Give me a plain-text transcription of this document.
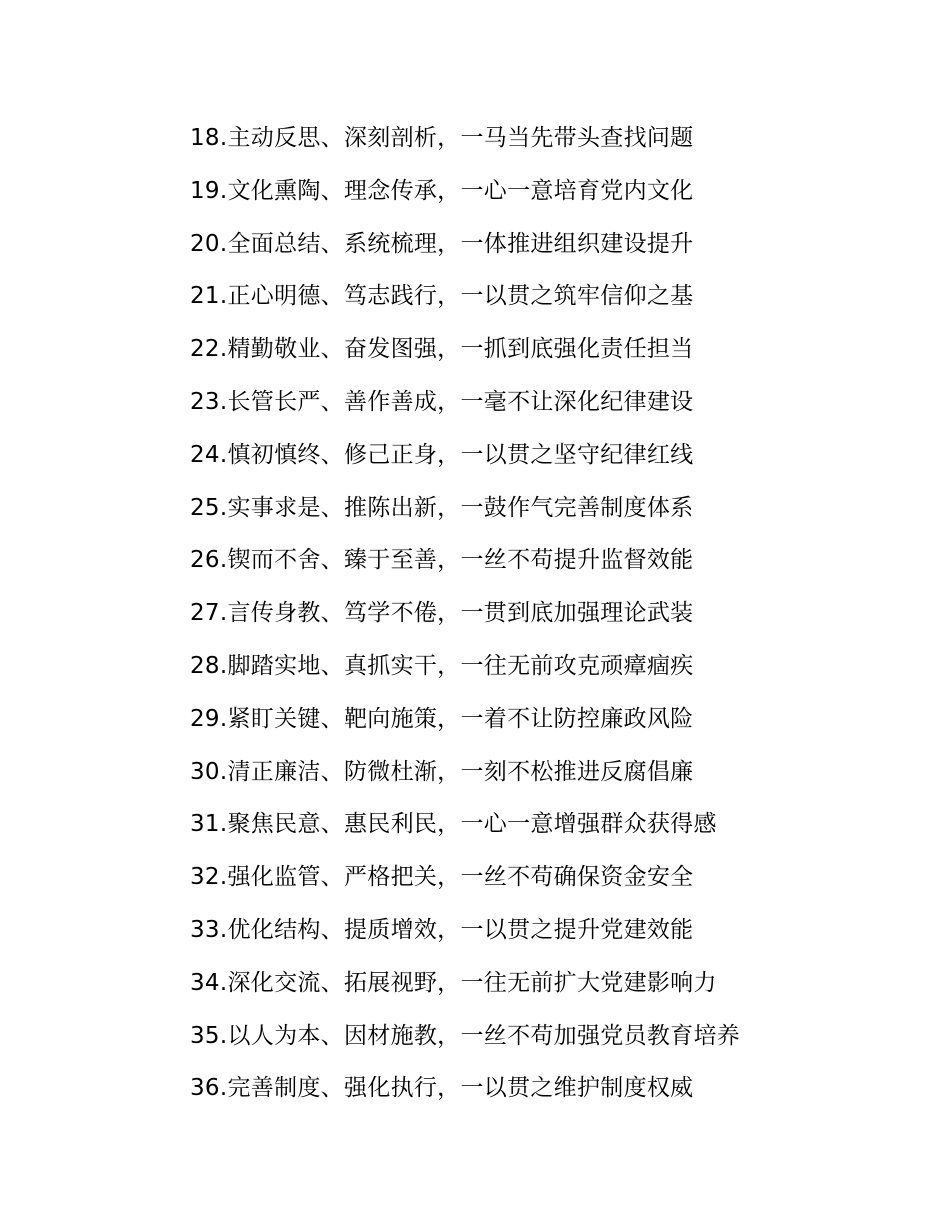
18.主动反思、深刻剖析，一马当先带头查找问题
19.文化熏陶、理念传承，一心一意培育党内文化
20.全面总结、系统梳理，一体推进组织建设提升
21.正心明德、笃志践行，一以贯之筑牢信仰之基
22.精勤敬业、奋发图强，一抓到底强化责任担当
23.长管长严、善作善成，一毫不让深化纪律建设
24.慎初慎终、修己正身，一以贯之坚守纪律红线
25.实事求是、推陈出新，一鼓作气完善制度体系
26.锲而不舍、臻于至善，一丝不苟提升监督效能
27.言传身教、笃学不倦，一贯到底加强理论武装
28.脚踏实地、真抓实干，一往无前攻克顽瘴痼疾
29.紧盯关键、靶向施策，一着不让防控廉政风险
30.清正廉洁、防微杜渐，一刻不松推进反腐倡廉
31.聚焦民意、惠民利民，一心一意增强群众获得感
32.强化监管、严格把关，一丝不苟确保资金安全
33.优化结构、提质增效，一以贯之提升党建效能
34.深化交流、拓展视野，一往无前扩大党建影响力
35.以人为本、因材施教，一丝不苟加强党员教育培养
36.完善制度、强化执行，一以贯之维护制度权威
